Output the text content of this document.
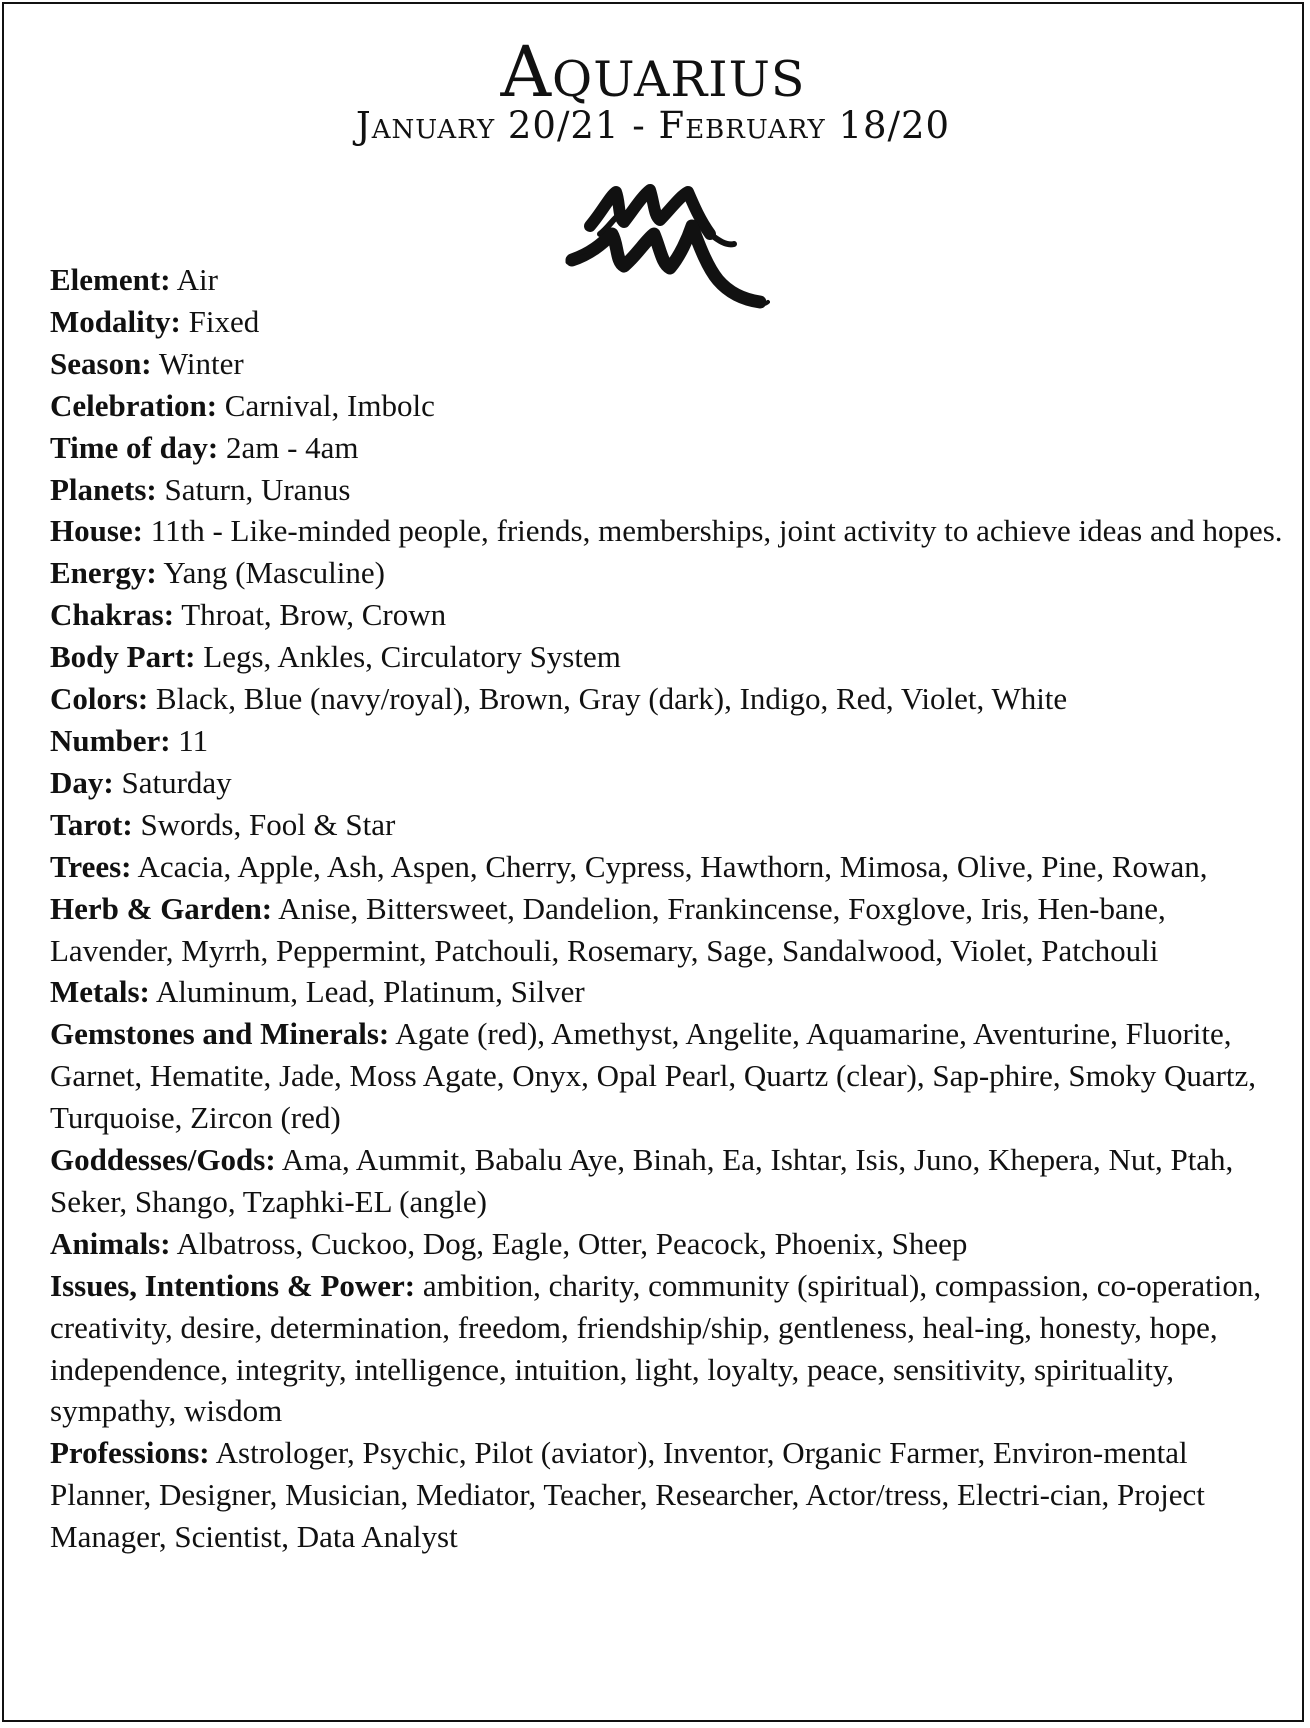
Aquarius
January 20/21 - February 18/20

Element: Air

Modality: Fixed

Season: Winter

Celebration: Carnival, Imbolc

Time of day: 2am - 4am

Planets: Saturn, Uranus

House: 11th - Like-minded people, friends, memberships, joint activity to achieve ideas and hopes.

Energy: Yang (Masculine)

Chakras: Throat, Brow, Crown

Body Part: Legs, Ankles, Circulatory System

Colors: Black, Blue (navy/royal), Brown, Gray (dark), Indigo, Red, Violet, White

Number: 11

Day: Saturday

Tarot: Swords, Fool & Star

Trees: Acacia, Apple, Ash, Aspen, Cherry, Cypress, Hawthorn, Mimosa, Olive, Pine, Rowan,

Herb & Garden: Anise, Bittersweet, Dandelion, Frankincense, Foxglove, Iris, Hen-bane, Lavender, Myrrh, Peppermint, Patchouli, Rosemary, Sage, Sandalwood, Violet, Patchouli

Metals: Aluminum, Lead, Platinum, Silver

Gemstones and Minerals: Agate (red), Amethyst, Angelite, Aquamarine, Aventurine, Fluorite, Garnet, Hematite, Jade, Moss Agate, Onyx, Opal Pearl, Quartz (clear), Sap-phire, Smoky Quartz, Turquoise, Zircon (red)

Goddesses/Gods: Ama, Aummit, Babalu Aye, Binah, Ea, Ishtar, Isis, Juno, Khepera, Nut, Ptah, Seker, Shango, Tzaphki-EL (angle)

Animals: Albatross, Cuckoo, Dog, Eagle, Otter, Peacock, Phoenix, Sheep

Issues, Intentions & Power: ambition, charity, community (spiritual), compassion, co-operation, creativity, desire, determination, freedom, friendship/ship, gentleness, heal-ing, honesty, hope, independence, integrity, intelligence, intuition, light, loyalty, peace, sensitivity, spirituality, sympathy, wisdom

Professions: Astrologer, Psychic, Pilot (aviator), Inventor, Organic Farmer, Environ-mental Planner, Designer, Musician, Mediator, Teacher, Researcher, Actor/tress, Electri-cian, Project Manager, Scientist, Data Analyst
